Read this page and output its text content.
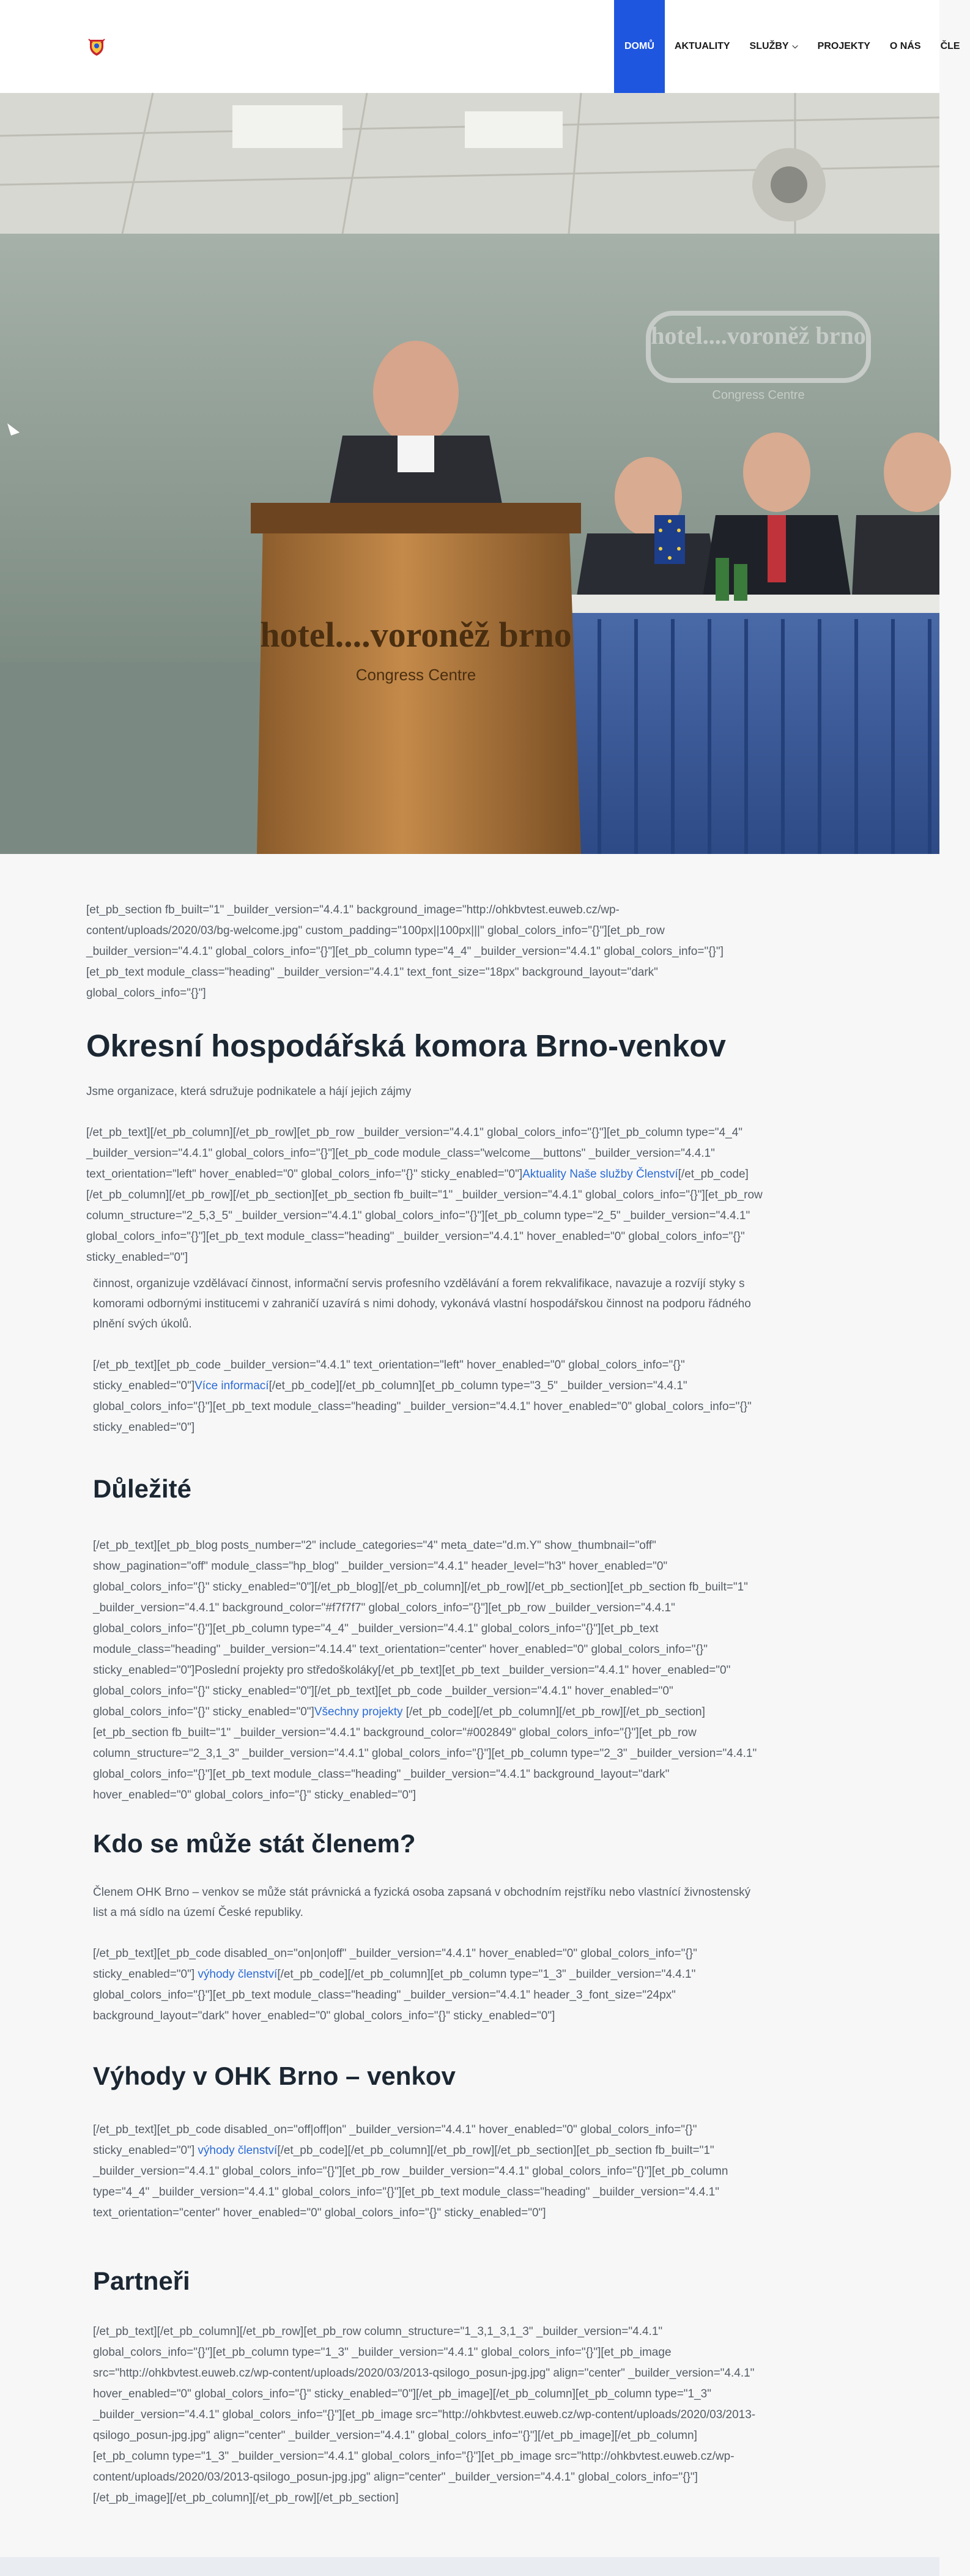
DOMŮ AKTUALITY SLUŽBY ⌵ PROJEKTY O NÁS ČLE
hotel....voroněž brno
Congress Centre
hotel....voroněž brno
Congress Centre
[et_pb_section fb_built="1" _builder_version="4.4.1" background_image="http://ohkbvtest.euweb.cz/wp-content/uploads/2020/03/bg-welcome.jpg" custom_padding="100px||100px|||" global_colors_info="{}"][et_pb_row _builder_version="4.4.1" global_colors_info="{}"][et_pb_column type="4_4" _builder_version="4.4.1" global_colors_info="{}"][et_pb_text module_class="heading" _builder_version="4.4.1" text_font_size="18px" background_layout="dark" global_colors_info="{}"]
Okresní hospodářská komora Brno-venkov
Jsme organizace, která sdružuje podnikatele a hájí jejich zájmy
[/et_pb_text][/et_pb_column][/et_pb_row][et_pb_row _builder_version="4.4.1" global_colors_info="{}"][et_pb_column type="4_4" _builder_version="4.4.1" global_colors_info="{}"][et_pb_code module_class="welcome__buttons" _builder_version="4.4.1" text_orientation="left" hover_enabled="0" global_colors_info="{}" sticky_enabled="0"]Aktuality Naše služby Členství[/et_pb_code][/et_pb_column][/et_pb_row][/et_pb_section][et_pb_section fb_built="1" _builder_version="4.4.1" global_colors_info="{}"][et_pb_row column_structure="2_5,3_5" _builder_version="4.4.1" global_colors_info="{}"][et_pb_column type="2_5" _builder_version="4.4.1" global_colors_info="{}"][et_pb_text module_class="heading" _builder_version="4.4.1" hover_enabled="0" global_colors_info="{}" sticky_enabled="0"]
činnost, organizuje vzdělávací činnost, informační servis profesního vzdělávání a forem rekvalifikace, navazuje a rozvíjí styky s komorami odbornými institucemi v zahraničí uzavírá s nimi dohody, vykonává vlastní hospodářskou činnost na podporu řádného plnění svých úkolů.
[/et_pb_text][et_pb_code _builder_version="4.4.1" text_orientation="left" hover_enabled="0" global_colors_info="{}" sticky_enabled="0"]Více informací[/et_pb_code][/et_pb_column][et_pb_column type="3_5" _builder_version="4.4.1" global_colors_info="{}"][et_pb_text module_class="heading" _builder_version="4.4.1" hover_enabled="0" global_colors_info="{}" sticky_enabled="0"]
Důležité
[/et_pb_text][et_pb_blog posts_number="2" include_categories="4" meta_date="d.m.Y" show_thumbnail="off" show_pagination="off" module_class="hp_blog" _builder_version="4.4.1" header_level="h3" hover_enabled="0" global_colors_info="{}" sticky_enabled="0"][/et_pb_blog][/et_pb_column][/et_pb_row][/et_pb_section][et_pb_section fb_built="1" _builder_version="4.4.1" background_color="#f7f7f7" global_colors_info="{}"][et_pb_row _builder_version="4.4.1" global_colors_info="{}"][et_pb_column type="4_4" _builder_version="4.4.1" global_colors_info="{}"][et_pb_text module_class="heading" _builder_version="4.14.4" text_orientation="center" hover_enabled="0" global_colors_info="{}" sticky_enabled="0"]Poslední projekty pro středoškoláky[/et_pb_text][et_pb_text _builder_version="4.4.1" hover_enabled="0" global_colors_info="{}" sticky_enabled="0"][/et_pb_text][et_pb_code _builder_version="4.4.1" hover_enabled="0" global_colors_info="{}" sticky_enabled="0"]Všechny projekty [/et_pb_code][/et_pb_column][/et_pb_row][/et_pb_section][et_pb_section fb_built="1" _builder_version="4.4.1" background_color="#002849" global_colors_info="{}"][et_pb_row column_structure="2_3,1_3" _builder_version="4.4.1" global_colors_info="{}"][et_pb_column type="2_3" _builder_version="4.4.1" global_colors_info="{}"][et_pb_text module_class="heading" _builder_version="4.4.1" background_layout="dark" hover_enabled="0" global_colors_info="{}" sticky_enabled="0"]
Kdo se může stát členem?
Členem OHK Brno – venkov se může stát právnická a fyzická osoba zapsaná v obchodním rejstříku nebo vlastnící živnostenský list a má sídlo na území České republiky.
[/et_pb_text][et_pb_code disabled_on="on|on|off" _builder_version="4.4.1" hover_enabled="0" global_colors_info="{}" sticky_enabled="0"] výhody členství[/et_pb_code][/et_pb_column][et_pb_column type="1_3" _builder_version="4.4.1" global_colors_info="{}"][et_pb_text module_class="heading" _builder_version="4.4.1" header_3_font_size="24px" background_layout="dark" hover_enabled="0" global_colors_info="{}" sticky_enabled="0"]
Výhody v OHK Brno – venkov
[/et_pb_text][et_pb_code disabled_on="off|off|on" _builder_version="4.4.1" hover_enabled="0" global_colors_info="{}" sticky_enabled="0"] výhody členství[/et_pb_code][/et_pb_column][/et_pb_row][/et_pb_section][et_pb_section fb_built="1" _builder_version="4.4.1" global_colors_info="{}"][et_pb_row _builder_version="4.4.1" global_colors_info="{}"][et_pb_column type="4_4" _builder_version="4.4.1" global_colors_info="{}"][et_pb_text module_class="heading" _builder_version="4.4.1" text_orientation="center" hover_enabled="0" global_colors_info="{}" sticky_enabled="0"]
Partneři
[/et_pb_text][/et_pb_column][/et_pb_row][et_pb_row column_structure="1_3,1_3,1_3" _builder_version="4.4.1" global_colors_info="{}"][et_pb_column type="1_3" _builder_version="4.4.1" global_colors_info="{}"][et_pb_image src="http://ohkbvtest.euweb.cz/wp-content/uploads/2020/03/2013-qsilogo_posun-jpg.jpg" align="center" _builder_version="4.4.1" hover_enabled="0" global_colors_info="{}" sticky_enabled="0"][/et_pb_image][/et_pb_column][et_pb_column type="1_3" _builder_version="4.4.1" global_colors_info="{}"][et_pb_image src="http://ohkbvtest.euweb.cz/wp-content/uploads/2020/03/2013-qsilogo_posun-jpg.jpg" align="center" _builder_version="4.4.1" global_colors_info="{}"][/et_pb_image][/et_pb_column][et_pb_column type="1_3" _builder_version="4.4.1" global_colors_info="{}"][et_pb_image src="http://ohkbvtest.euweb.cz/wp-content/uploads/2020/03/2013-qsilogo_posun-jpg.jpg" align="center" _builder_version="4.4.1" global_colors_info="{}"][/et_pb_image][/et_pb_column][/et_pb_row][/et_pb_section]
